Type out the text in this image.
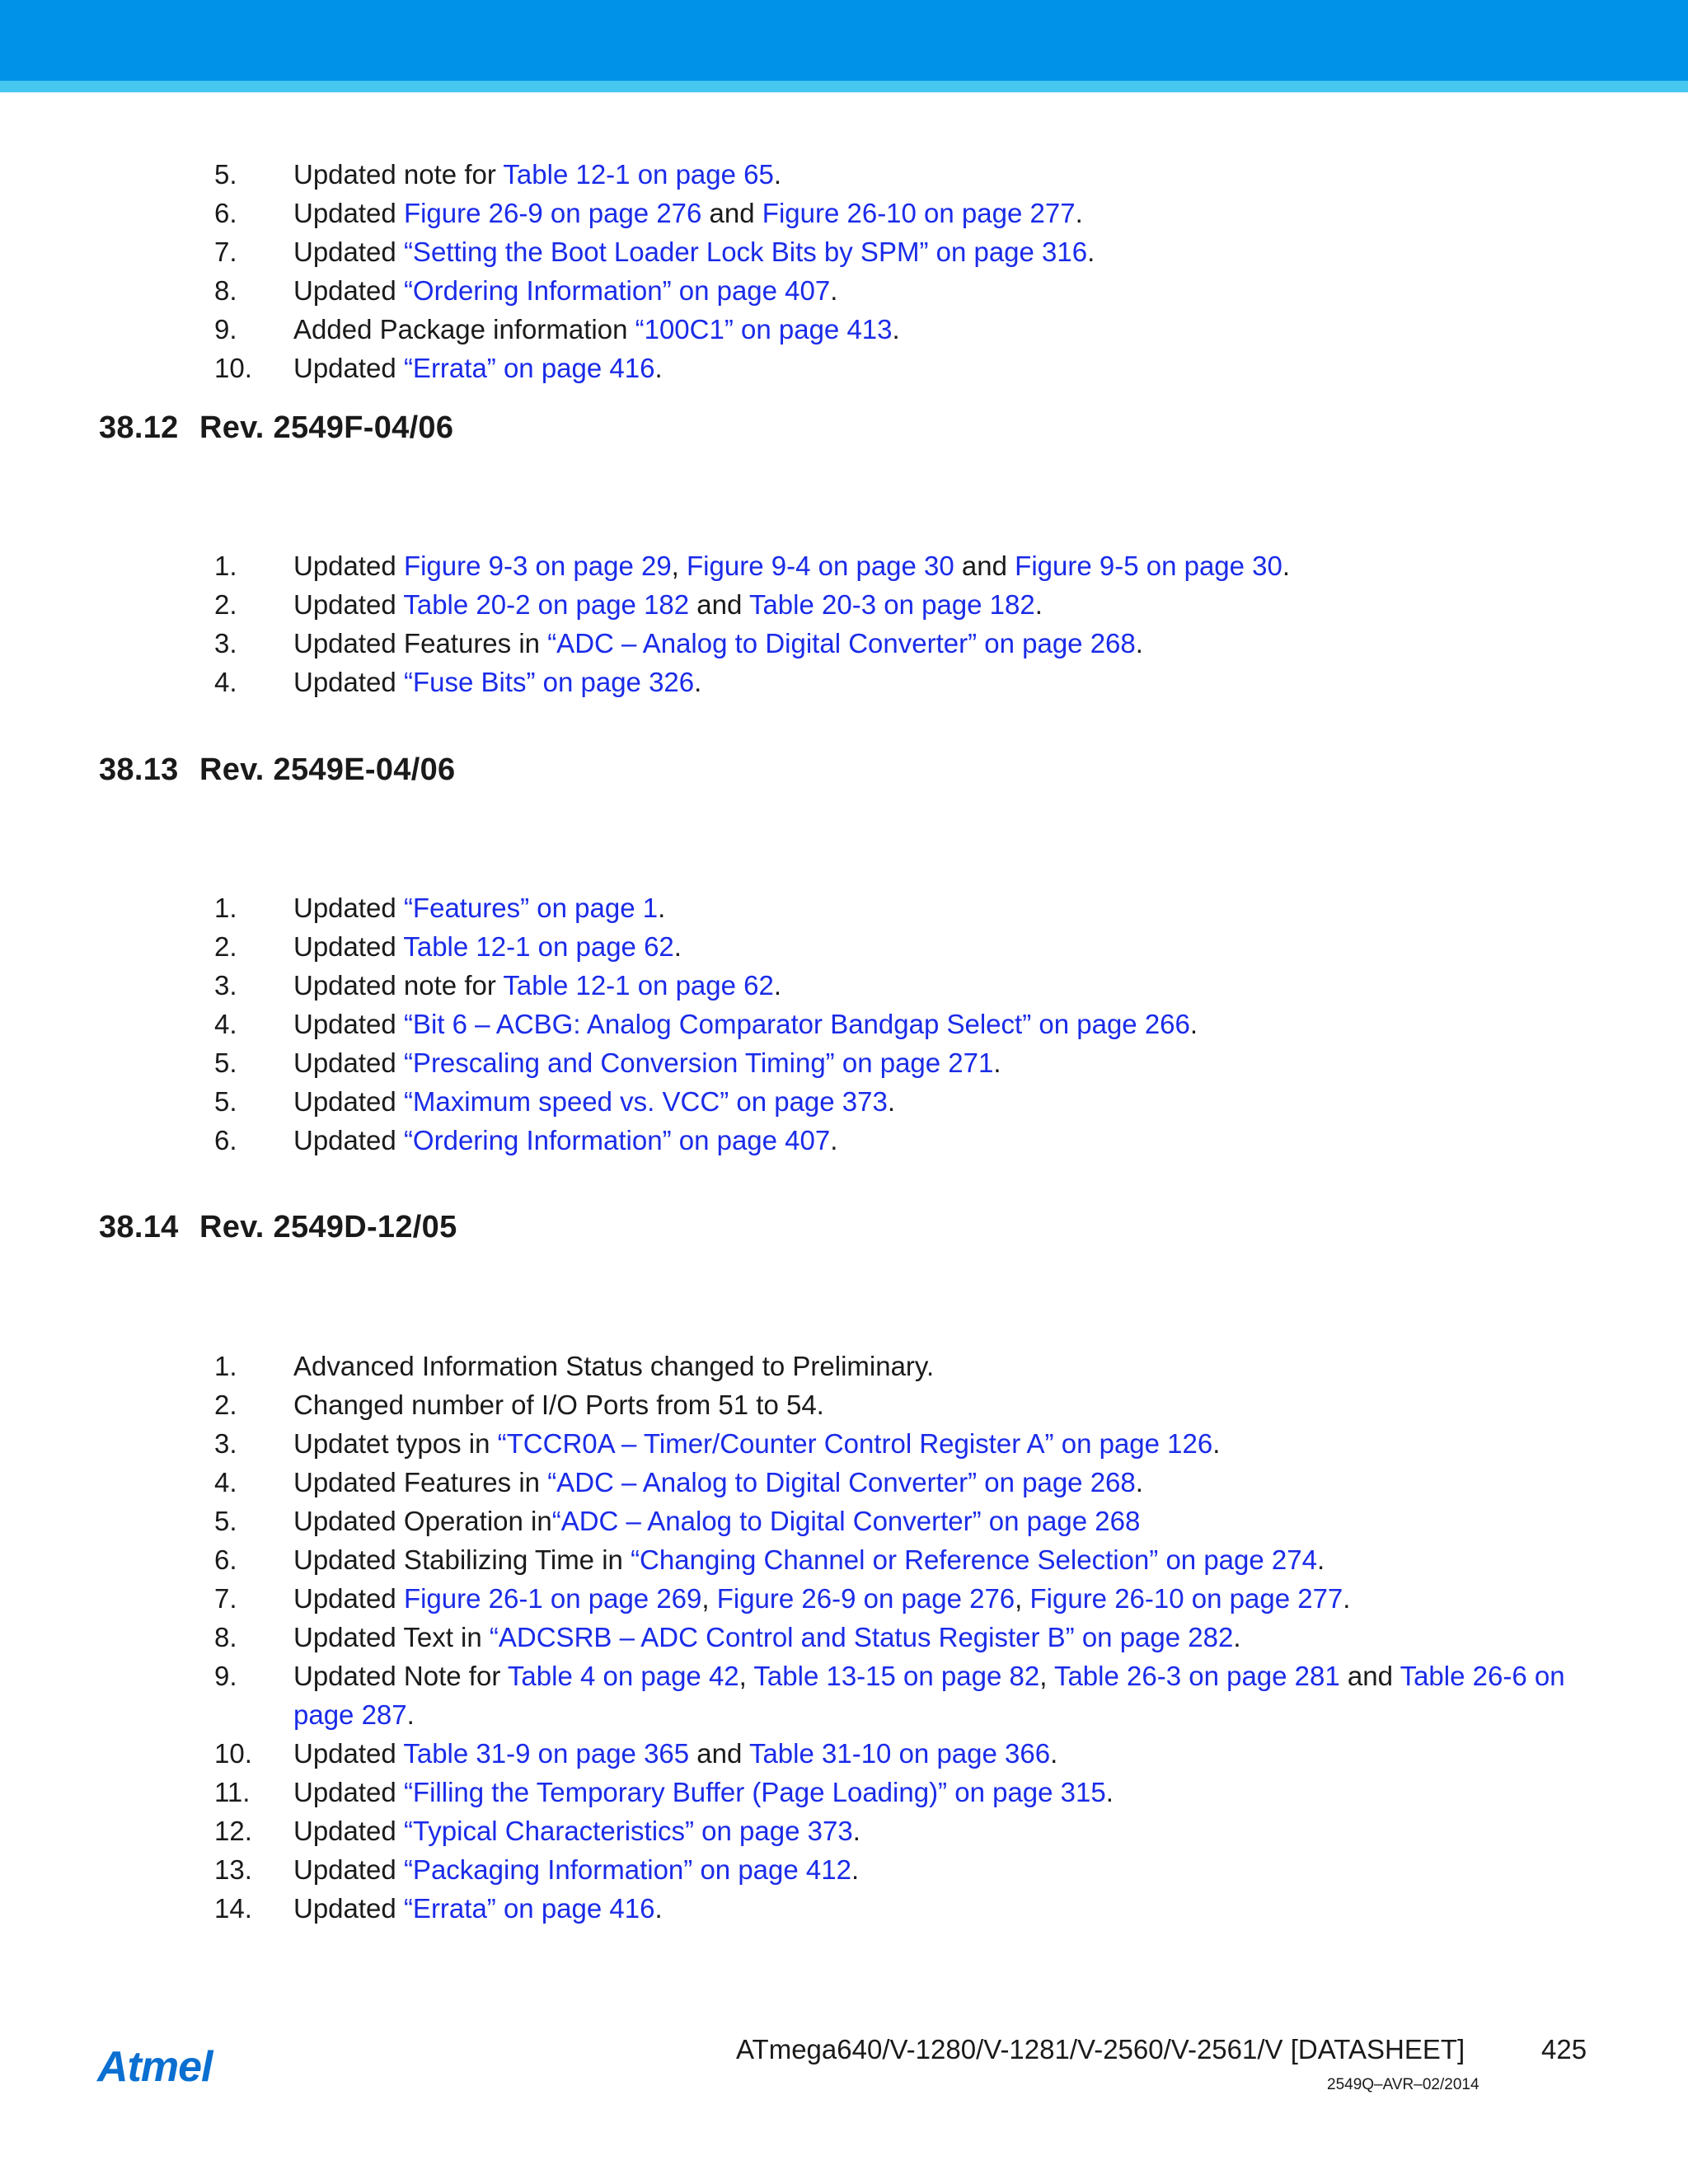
5. Updated note for Table 12-1 on page 65.
6. Updated Figure 26-9 on page 276 and Figure 26-10 on page 277.
7. Updated “Setting the Boot Loader Lock Bits by SPM” on page 316.
8. Updated “Ordering Information” on page 407.
9. Added Package information “100C1” on page 413.
10. Updated “Errata” on page 416.
38.12 Rev. 2549F-04/06
1. Updated Figure 9-3 on page 29, Figure 9-4 on page 30 and Figure 9-5 on page 30.
2. Updated Table 20-2 on page 182 and Table 20-3 on page 182.
3. Updated Features in “ADC – Analog to Digital Converter” on page 268.
4. Updated “Fuse Bits” on page 326.
38.13 Rev. 2549E-04/06
1. Updated “Features” on page 1.
2. Updated Table 12-1 on page 62.
3. Updated note for Table 12-1 on page 62.
4. Updated “Bit 6 – ACBG: Analog Comparator Bandgap Select” on page 266.
5. Updated “Prescaling and Conversion Timing” on page 271.
5. Updated “Maximum speed vs. VCC” on page 373.
6. Updated “Ordering Information” on page 407.
38.14 Rev. 2549D-12/05
1. Advanced Information Status changed to Preliminary.
2. Changed number of I/O Ports from 51 to 54.
3. Updatet typos in “TCCR0A – Timer/Counter Control Register A” on page 126.
4. Updated Features in “ADC – Analog to Digital Converter” on page 268.
5. Updated Operation in“ADC – Analog to Digital Converter” on page 268
6. Updated Stabilizing Time in “Changing Channel or Reference Selection” on page 274.
7. Updated Figure 26-1 on page 269, Figure 26-9 on page 276, Figure 26-10 on page 277.
8. Updated Text in “ADCSRB – ADC Control and Status Register B” on page 282.
9. Updated Note for Table 4 on page 42, Table 13-15 on page 82, Table 26-3 on page 281 and Table 26-6 on page 287.
10. Updated Table 31-9 on page 365 and Table 31-10 on page 366.
11. Updated “Filling the Temporary Buffer (Page Loading)” on page 315.
12. Updated “Typical Characteristics” on page 373.
13. Updated “Packaging Information” on page 412.
14. Updated “Errata” on page 416.
Atmel	ATmega640/V-1280/V-1281/V-2560/V-2561/V [DATASHEET]	425
2549Q–AVR–02/2014
